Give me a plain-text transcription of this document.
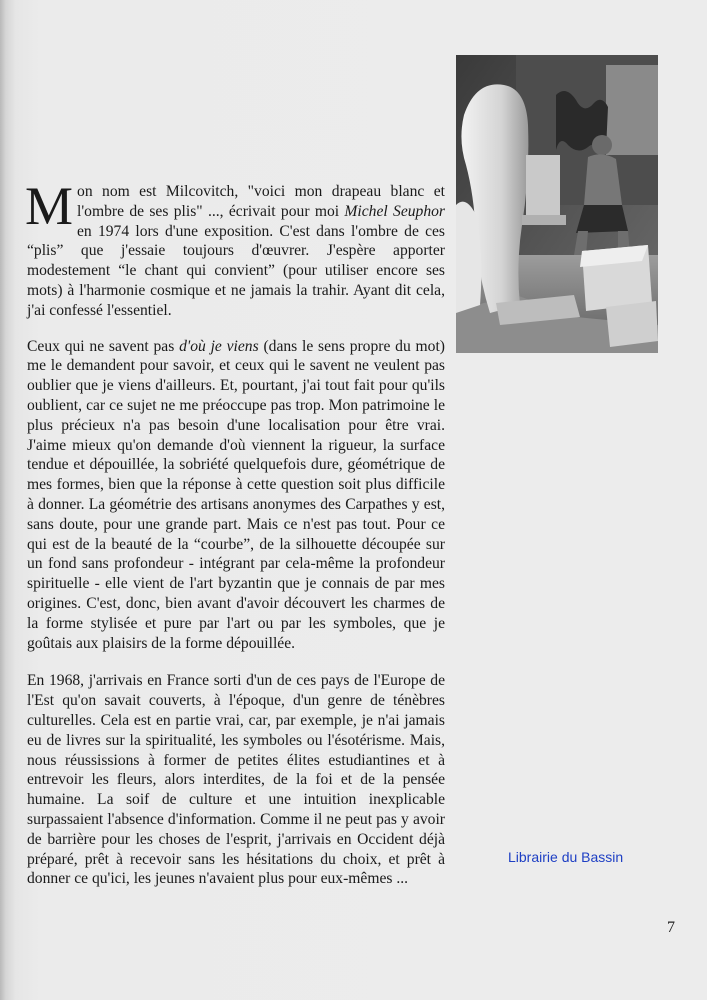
Mon nom est Milcovitch, "voici mon drapeau blanc et l'ombre de ses plis" ..., écrivait pour moi Michel Seuphor en 1974 lors d'une exposition. C'est dans l'ombre de ces “plis” que j'essaie toujours d'œuvrer. J'espère apporter modestement “le chant qui convient” (pour utiliser encore ses mots) à l'harmonie cosmique et ne jamais la trahir. Ayant dit cela, j'ai confessé l'essentiel.

Ceux qui ne savent pas d'où je viens (dans le sens propre du mot) me le demandent pour savoir, et ceux qui le savent ne veulent pas oublier que je viens d'ailleurs. Et, pourtant, j'ai tout fait pour qu'ils oublient, car ce sujet ne me préoccupe pas trop. Mon patrimoine le plus précieux n'a pas besoin d'une localisation pour être vrai. J'aime mieux qu'on demande d'où viennent la rigueur, la surface tendue et dépouillée, la sobriété quelquefois dure, géométrique de mes formes, bien que la réponse à cette question soit plus difficile à donner. La géométrie des artisans anonymes des Carpathes y est, sans doute, pour une grande part. Mais ce n'est pas tout. Pour ce qui est de la beauté de la “courbe”, de la silhouette découpée sur un fond sans profondeur - intégrant par cela-même la profondeur spirituelle - elle vient de l'art byzantin que je connais de par mes origines. C'est, donc, bien avant d'avoir découvert les charmes de la forme stylisée et pure par l'art ou par les symboles, que je goûtais aux plaisirs de la forme dépouillée.

En 1968, j'arrivais en France sorti d'un de ces pays de l'Europe de l'Est qu'on savait couverts, à l'époque, d'un genre de ténèbres culturelles. Cela est en partie vrai, car, par exemple, je n'ai jamais eu de livres sur la spiritualité, les symboles ou l'ésotérisme. Mais, nous réussissions à former de petites élites estudiantines et à entrevoir les fleurs, alors interdites, de la foi et de la pensée humaine. La soif de culture et une intuition inexplicable surpassaient l'absence d'information. Comme il ne peut pas y avoir de barrière pour les choses de l'esprit, j'arrivais en Occident déjà préparé, prêt à recevoir sans les hésitations du choix, et prêt à donner ce qu'ici, les jeunes n'avaient plus pour eux-mêmes ...

Librairie du Bassin
7
